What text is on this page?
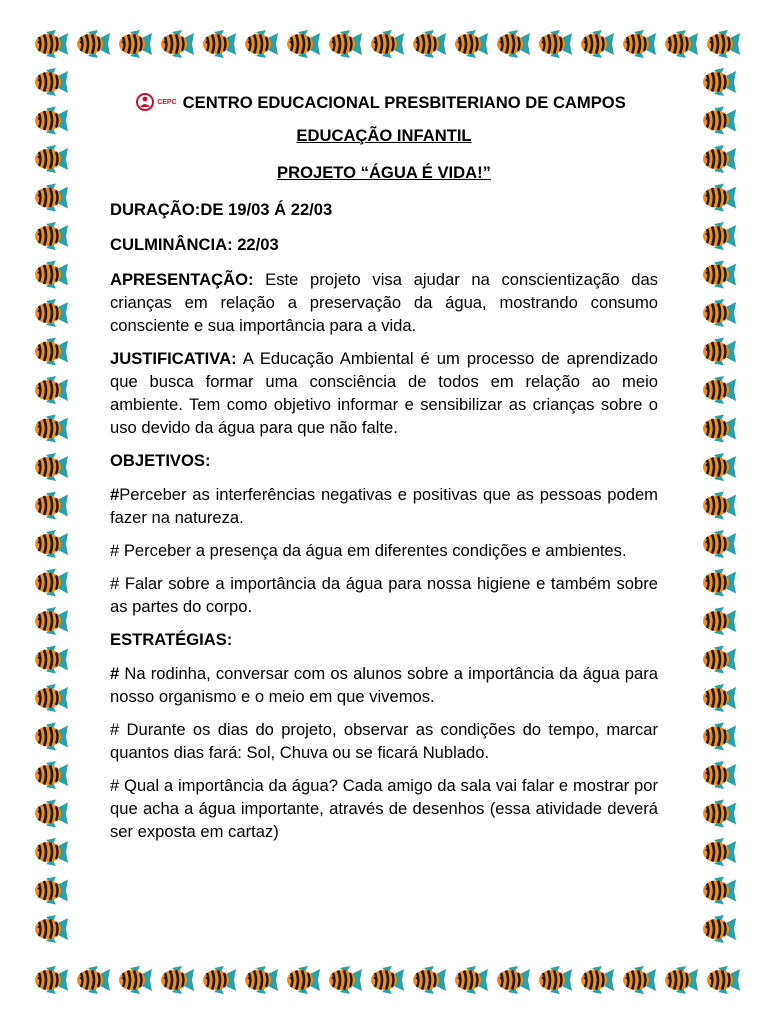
CEPC CENTRO EDUCACIONAL PRESBITERIANO DE CAMPOS
EDUCAÇÃO INFANTIL
PROJETO “ÁGUA É VIDA!”
DURAÇÃO:DE 19/03 Á 22/03
CULMINÂNCIA: 22/03

APRESENTAÇÃO: Este projeto visa ajudar na conscientização das crianças em relação a preservação da água, mostrando consumo consciente e sua importância para a vida.

JUSTIFICATIVA: A Educação Ambiental é um processo de aprendizado que busca formar uma consciência de todos em relação ao meio ambiente. Tem como objetivo informar e sensibilizar as crianças sobre o uso devido da água para que não falte.

OBJETIVOS:

#Perceber as interferências negativas e positivas que as pessoas podem fazer na natureza.

# Perceber a presença da água em diferentes condições e ambientes.

# Falar sobre a importância da água para nossa higiene e também sobre as partes do corpo.

ESTRATÉGIAS:

# Na rodinha, conversar com os alunos sobre a importância da água para nosso organismo e o meio em que vivemos.

# Durante os dias do projeto, observar as condições do tempo, marcar quantos dias fará: Sol, Chuva ou se ficará Nublado.

# Qual a importância da água? Cada amigo da sala vai falar e mostrar por que acha a água importante, através de desenhos (essa atividade deverá ser exposta em cartaz)
